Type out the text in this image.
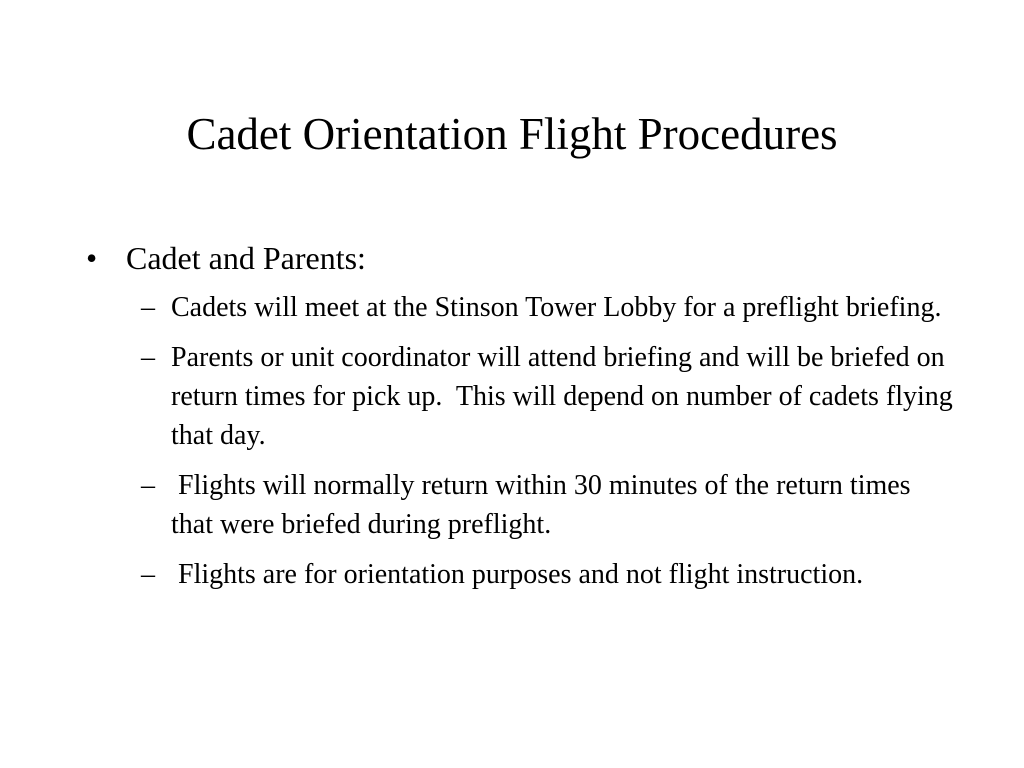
Cadet Orientation Flight Procedures
• Cadet and Parents:
– Cadets will meet at the Stinson Tower Lobby for a preflight briefing.
– Parents or unit coordinator will attend briefing and will be briefed on return times for pick up.  This will depend on number of cadets flying that day.
– Flights will normally return within 30 minutes of the return times that were briefed during preflight.
– Flights are for orientation purposes and not flight instruction.
